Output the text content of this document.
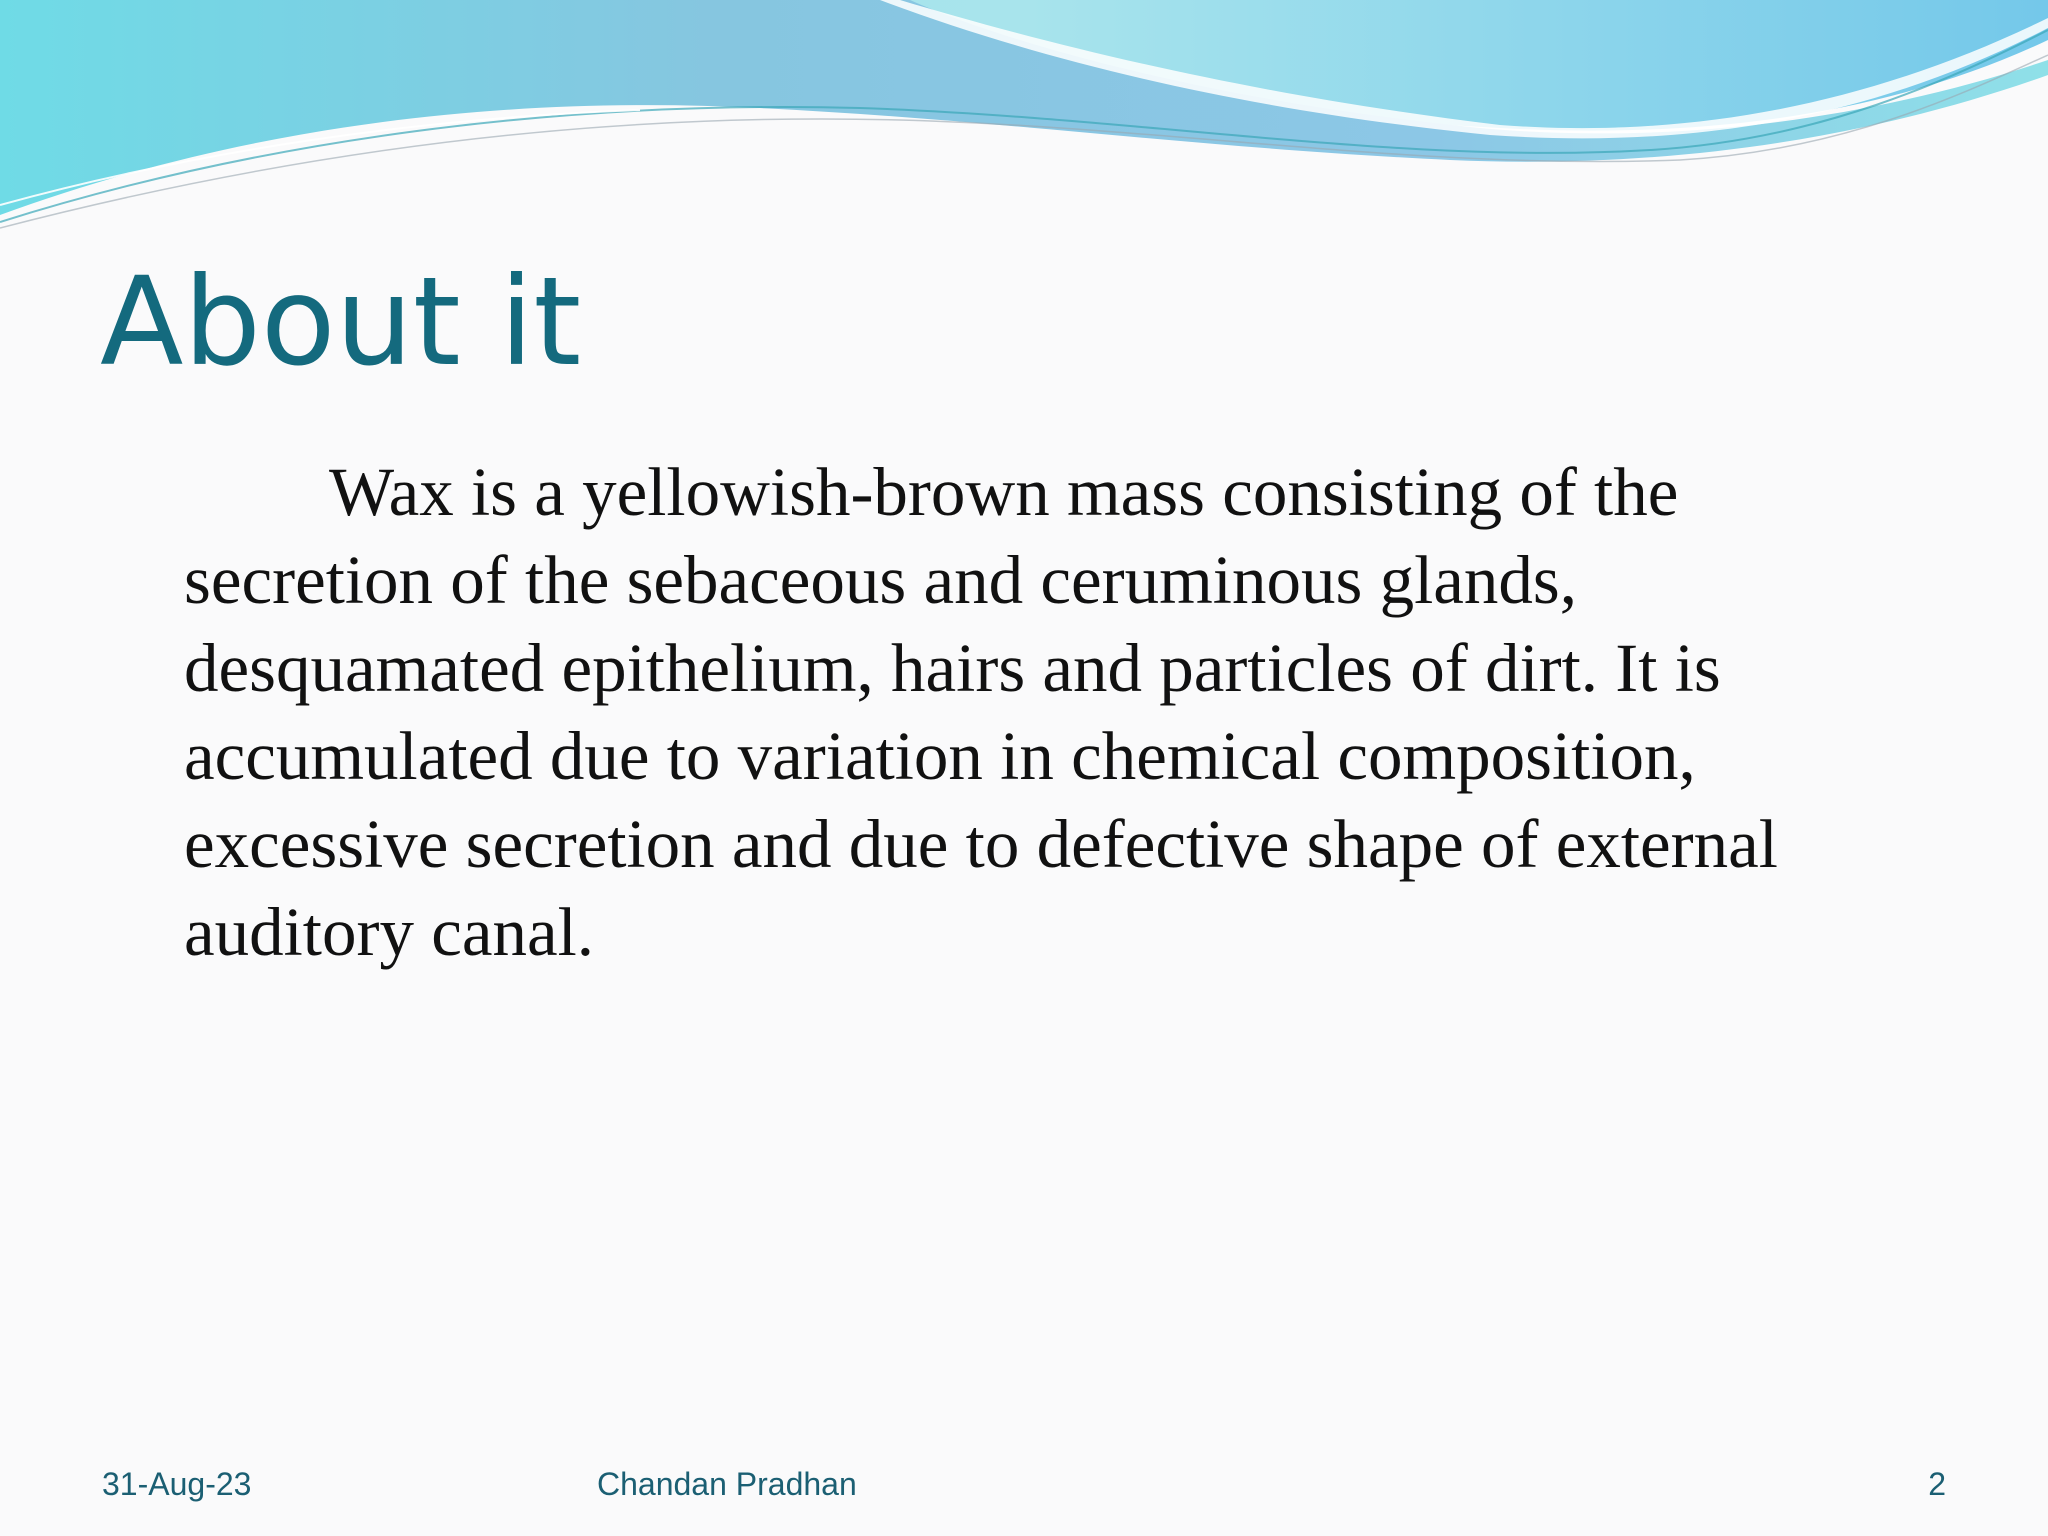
About it

Wax is a yellowish-brown mass consisting of the secretion of the sebaceous and ceruminous glands, desquamated epithelium, hairs and particles of dirt. It is accumulated due to variation in chemical composition, excessive secretion and due to defective shape of external auditory canal.

31-Aug-23	Chandan Pradhan	2
